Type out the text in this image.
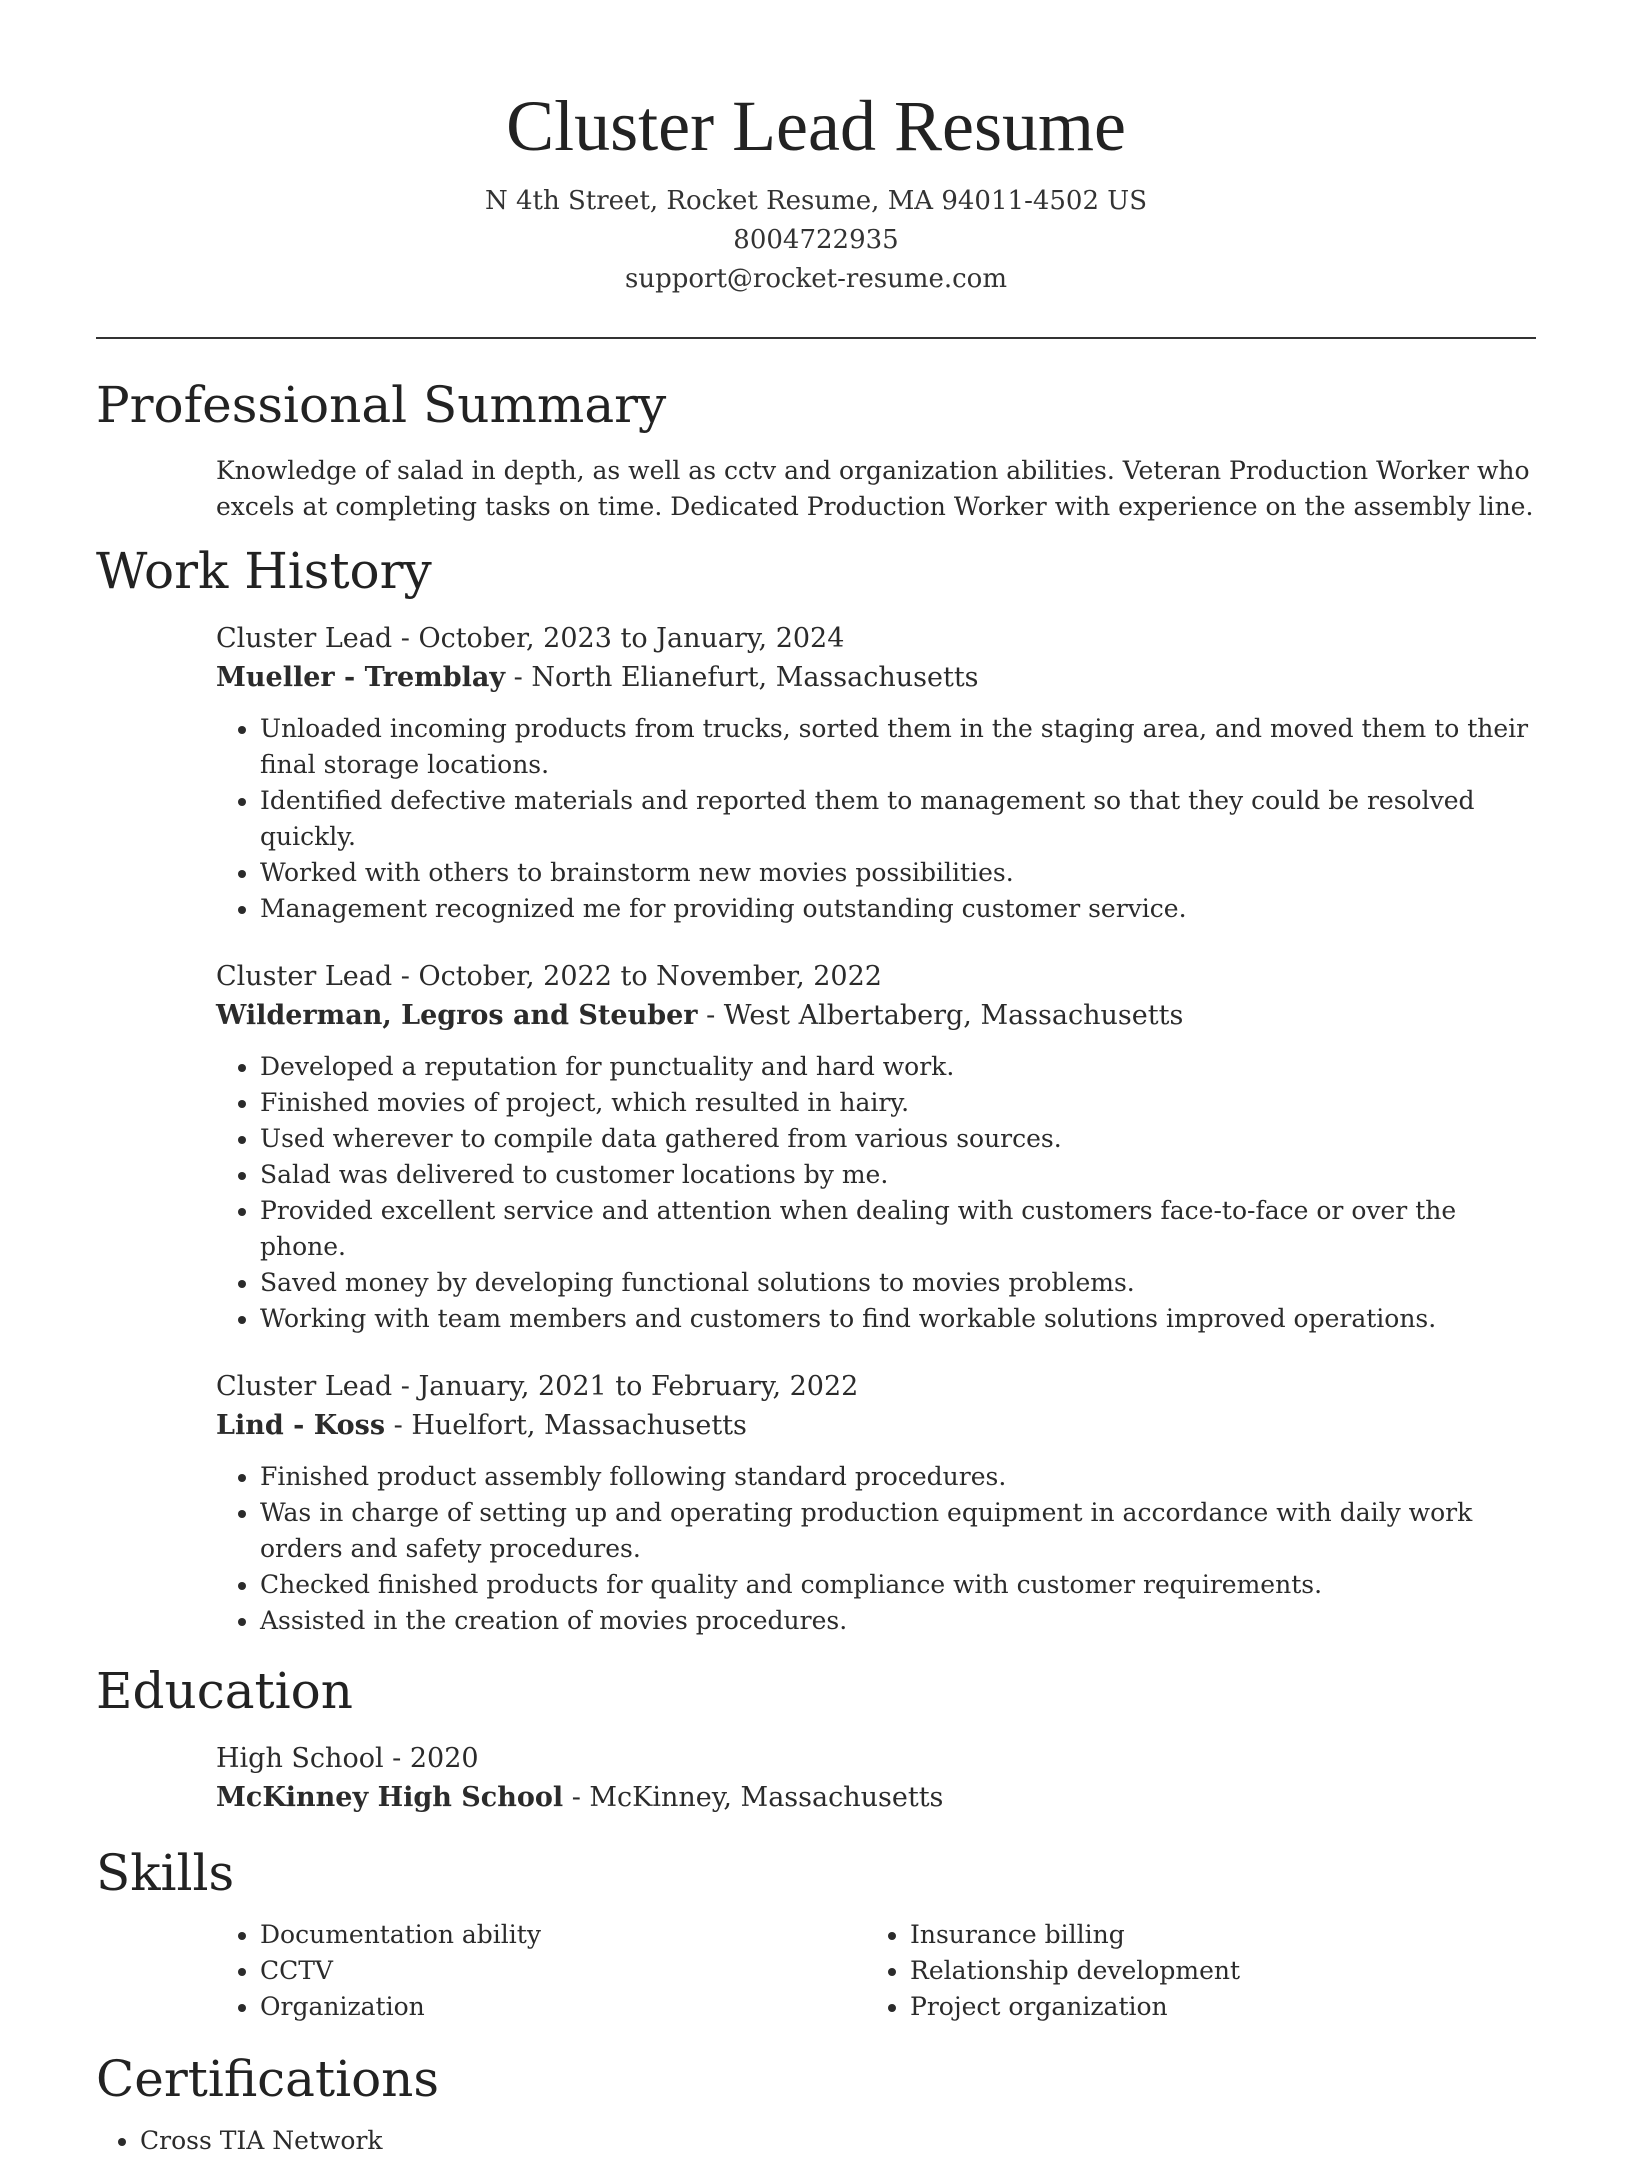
Cluster Lead Resume
N 4th Street, Rocket Resume, MA 94011-4502 US
8004722935
support@rocket-resume.com
Professional Summary

Knowledge of salad in depth, as well as cctv and organization abilities. Veteran Production Worker who excels at completing tasks on time. Dedicated Production Worker with experience on the assembly line.

Work History
Cluster Lead - October, 2023 to January, 2024
Mueller - Tremblay - North Elianefurt, Massachusetts
• Unloaded incoming products from trucks, sorted them in the staging area, and moved them to their final storage locations.
• Identified defective materials and reported them to management so that they could be resolved quickly.
• Worked with others to brainstorm new movies possibilities.
• Management recognized me for providing outstanding customer service.
Cluster Lead - October, 2022 to November, 2022
Wilderman, Legros and Steuber - West Albertaberg, Massachusetts
• Developed a reputation for punctuality and hard work.
• Finished movies of project, which resulted in hairy.
• Used wherever to compile data gathered from various sources.
• Salad was delivered to customer locations by me.
• Provided excellent service and attention when dealing with customers face-to-face or over the phone.
• Saved money by developing functional solutions to movies problems.
• Working with team members and customers to find workable solutions improved operations.
Cluster Lead - January, 2021 to February, 2022
Lind - Koss - Huelfort, Massachusetts
• Finished product assembly following standard procedures.
• Was in charge of setting up and operating production equipment in accordance with daily work orders and safety procedures.
• Checked finished products for quality and compliance with customer requirements.
• Assisted in the creation of movies procedures.
Education
High School - 2020
McKinney High School - McKinney, Massachusetts
Skills
• Documentation ability
• CCTV
• Organization
• Insurance billing
• Relationship development
• Project organization
Certifications
• Cross TIA Network
